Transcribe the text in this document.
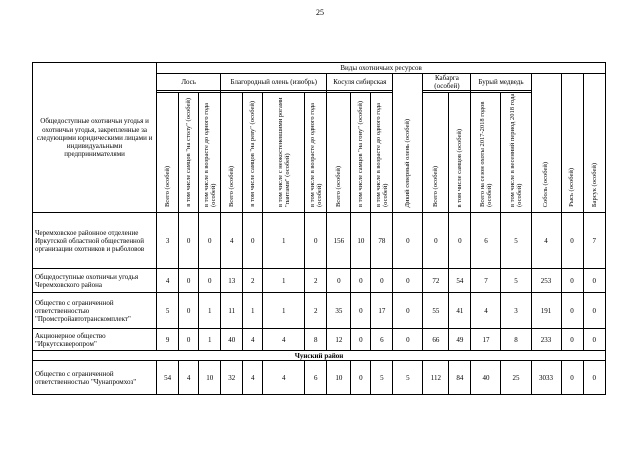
25
Общедоступные охотничьи угодья и охотничьи угодья, закрепленные за следующими юридическими лицами и индивидуальными предпринимателями	Виды охотничьих ресурсов																	
	Лось			Благородный олень (изюбрь)				Косуля сибирская			Дикий северный олень (особей)	Кабарга (особей)		Бурый медведь		Соболь (особей)	Рысь (особей)	Барсук (особей)

	Всего (особей)	в том числе самцов "на столу" (особей)	в том числе в возрасте до одного года (особей)	Всего (особей)	в том числе самцов "на реву" (особей)	в том числе с неокостеневшими рогами "пантами" (особей)	в том числе в возрасте до одного года (особей)	Всего (особей)	в том числе самцов "на гону" (особей)	в том числе в возрасте до одного года (особей)		Всего (особей)	в том числе самцов (особей)	Всего на сезон охоты 2017-2018 годов (особей)	в том числе в весенний период 2018 года (особей)			
Черемховское районное отделение Иркутской областной общественной организации охотников и рыболовов	3	0	0	4	0	1	0	156	10	78	0	0	0	6	5	4	0	7
Общедоступные охотничьи угодья Черемховского района	4	0	0	13	2	1	2	0	0	0	0	72	54	7	5	253	0	0
Общество с ограниченной ответственностью "Промстройавтотранскомплект"	5	0	1	11	1	1	2	35	0	17	0	55	41	4	3	191	0	0
Акционерное общество "Иркутскзверопром"	9	0	1	40	4	4	8	12	0	6	0	66	49	17	8	233	0	0
Чунский район																		
Общество с ограниченной ответственностью "Чунапромхоз"	54	4	10	32	4	4	6	10	0	5	5	112	84	40	25	3033	0	0
